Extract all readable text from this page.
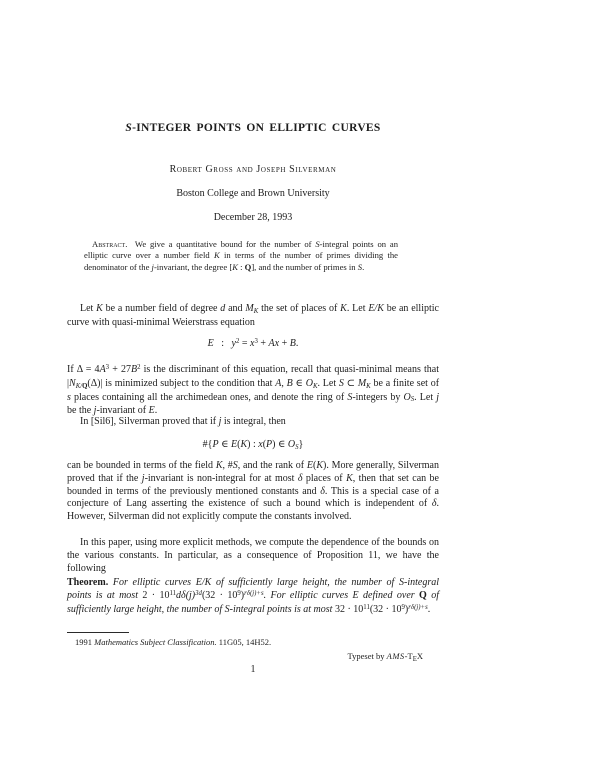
S-INTEGER POINTS ON ELLIPTIC CURVES
Robert Gross and Joseph Silverman
Boston College and Brown University
December 28, 1993
Abstract.  We give a quantitative bound for the number of S-integral points on an elliptic curve over a number field K in terms of the number of primes dividing the denominator of the j-invariant, the degree [K : Q], and the number of primes in S.
Let K be a number field of degree d and MK the set of places of K. Let E/K be an elliptic curve with quasi-minimal Weierstrass equation
E   :   $y^2 = x^3 + Ax + B$.
If $\Delta = 4A^3 + 27B^2$ is the discriminant of this equation, recall that quasi-minimal means that |NK/Q(Δ)| is minimized subject to the condition that A, B ∈ OK. Let S ⊂ MK be a finite set of s places containing all the archimedean ones, and denote the ring of S-integers by OS. Let j be the j-invariant of E.
In [Sil6], Silverman proved that if j is integral, then
#{P ∈ E(K) : x(P) ∈ OS}
can be bounded in terms of the field K, #S, and the rank of E(K). More generally, Silverman proved that if the j-invariant is non-integral for at most δ places of K, then that set can be bounded in terms of the previously mentioned constants and δ. This is a special case of a conjecture of Lang asserting the existence of such a bound which is independent of δ. However, Silverman did not explicitly compute the constants involved.
In this paper, using more explicit methods, we compute the dependence of the bounds on the various constants. In particular, as a consequence of Proposition 11, we have the following
Theorem. For elliptic curves E/K of sufficiently large height, the number of S-integral points is at most $2 \cdot 10^{11}d\delta(j)^{3d}(32 \cdot 10^9)^{r\delta(j)+s}$. For elliptic curves E defined over Q of sufficiently large height, the number of S-integral points is at most $32 \cdot 10^{11}(32 \cdot 10^9)^{r\delta(j)+s}$.
1991 Mathematics Subject Classification. 11G05, 14H52.
Typeset by AMS-$T_EX$
1
